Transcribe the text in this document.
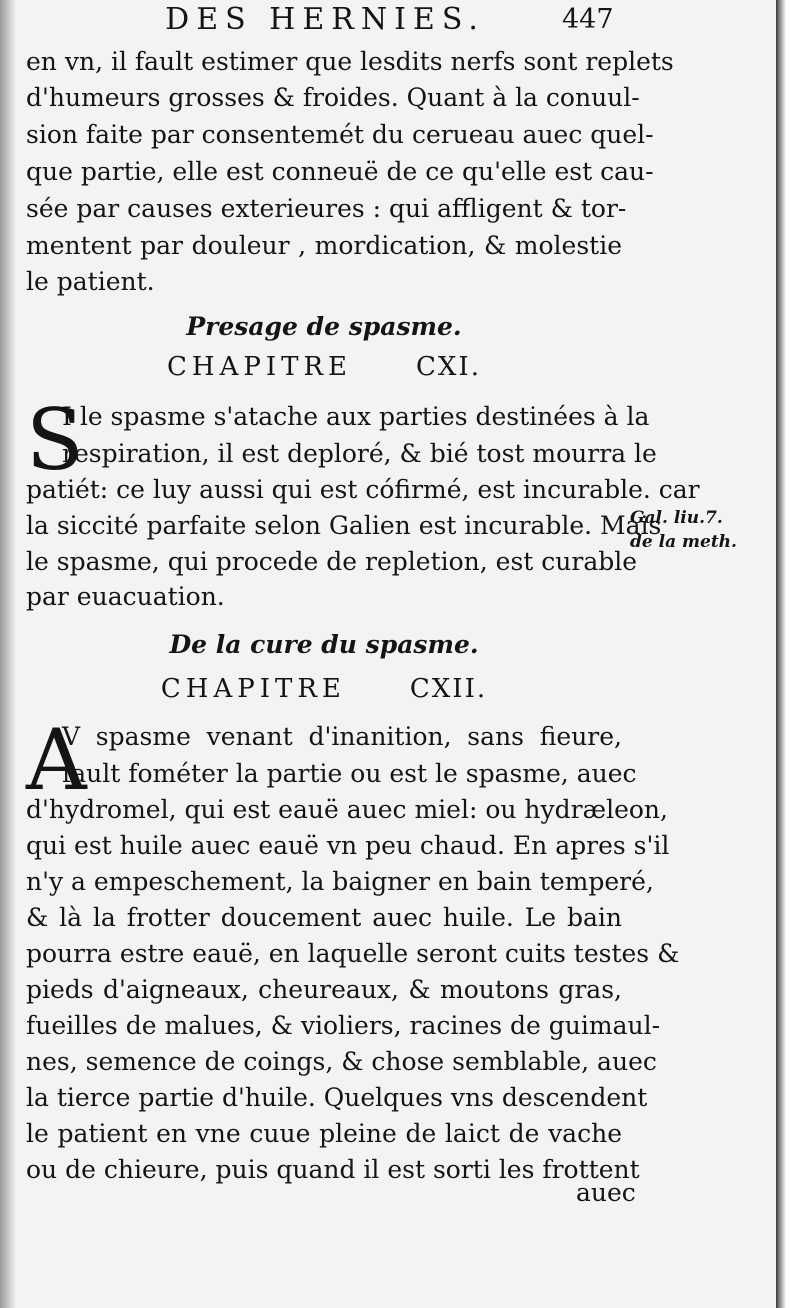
DES HERNIES.	447
en vn, il fault estimer que lesdits nerfs sont replets
d'humeurs grosses & froides. Quant à la conuul-
sion faite par consentemét du cerueau auec quel-
que partie, elle est conneuë de ce qu'elle est cau-
sée par causes exterieures : qui affligent & tor-
mentent par douleur , mordication, & molestie
le patient.
Presage de spasme.
CHAPITRE CXI.
S
I le spasme s'atache aux parties destinées à la
respiration, il est deploré, & bié tost mourra le
patiét: ce luy aussi qui est cófirmé, est incurable. car
la siccité parfaite selon Galien est incurable. Mais
le spasme, qui procede de repletion, est curable
par euacuation.
Gal. liu.7.
de la meth.
De la cure du spasme.
CHAPITRE CXII.
A
V spasme venant d'inanition, sans fieure,
fault fométer la partie ou est le spasme, auec
d'hydromel, qui est eauë auec miel: ou hydræleon,
qui est huile auec eauë vn peu chaud. En apres s'il
n'y a empeschement, la baigner en bain temperé,
& là la frotter doucement auec huile. Le bain
pourra estre eauë, en laquelle seront cuits testes &
pieds d'aigneaux, cheureaux, & moutons gras,
fueilles de malues, & violiers, racines de guimaul-
nes, semence de coings, & chose semblable, auec
la tierce partie d'huile. Quelques vns descendent
le patient en vne cuue pleine de laict de vache
ou de chieure, puis quand il est sorti les frottent
auec
